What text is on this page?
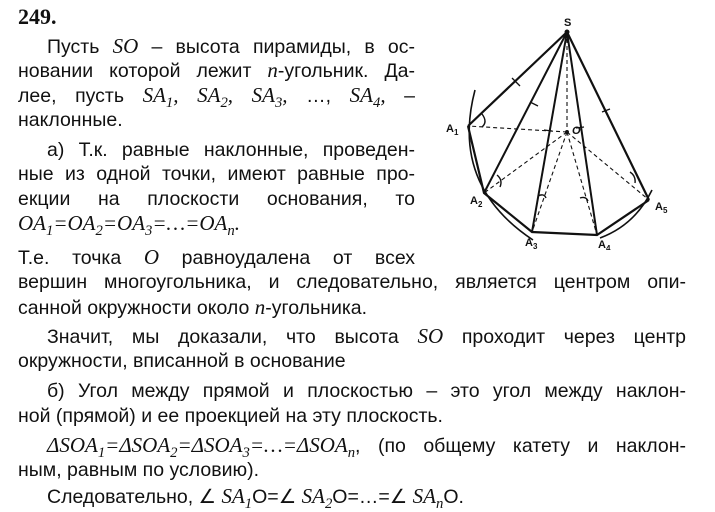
249.
Пусть SO – высота пирамиды, в ос-
новании которой лежит n-угольник. Да-
лее, пусть $SA_1$, $SA_2$, $SA_3$, …, $SA_4$, –
наклонные.
а) Т.к. равные наклонные, проведен-
ные из одной точки, имеют равные про-
екции на плоскости основания, то
$OA_1=OA_2=OA_3=\dots=OA_n$.
Т.е. точка O равноудалена от всех
вершин многоугольника, и следовательно, является центром опи-
санной окружности около n-угольника.
Значит, мы доказали, что высота SO проходит через центр
окружности, вписанной в основание
б) Угол между прямой и плоскостью – это угол между наклон-
ной (прямой) и ее проекцией на эту плоскость.
$\Delta SOA_1=\Delta SOA_2=\Delta SOA_3=\dots=\Delta SOA_n$, (по общему катету и наклон-
ным, равным по условию).
Следовательно, ∠ $SA_1O=\angle$ $SA_2O=\dots=\angle$ $SA_nO$.
S
O
$A_1$
$A_2$
$A_3$	$A_4$
$A_5$
